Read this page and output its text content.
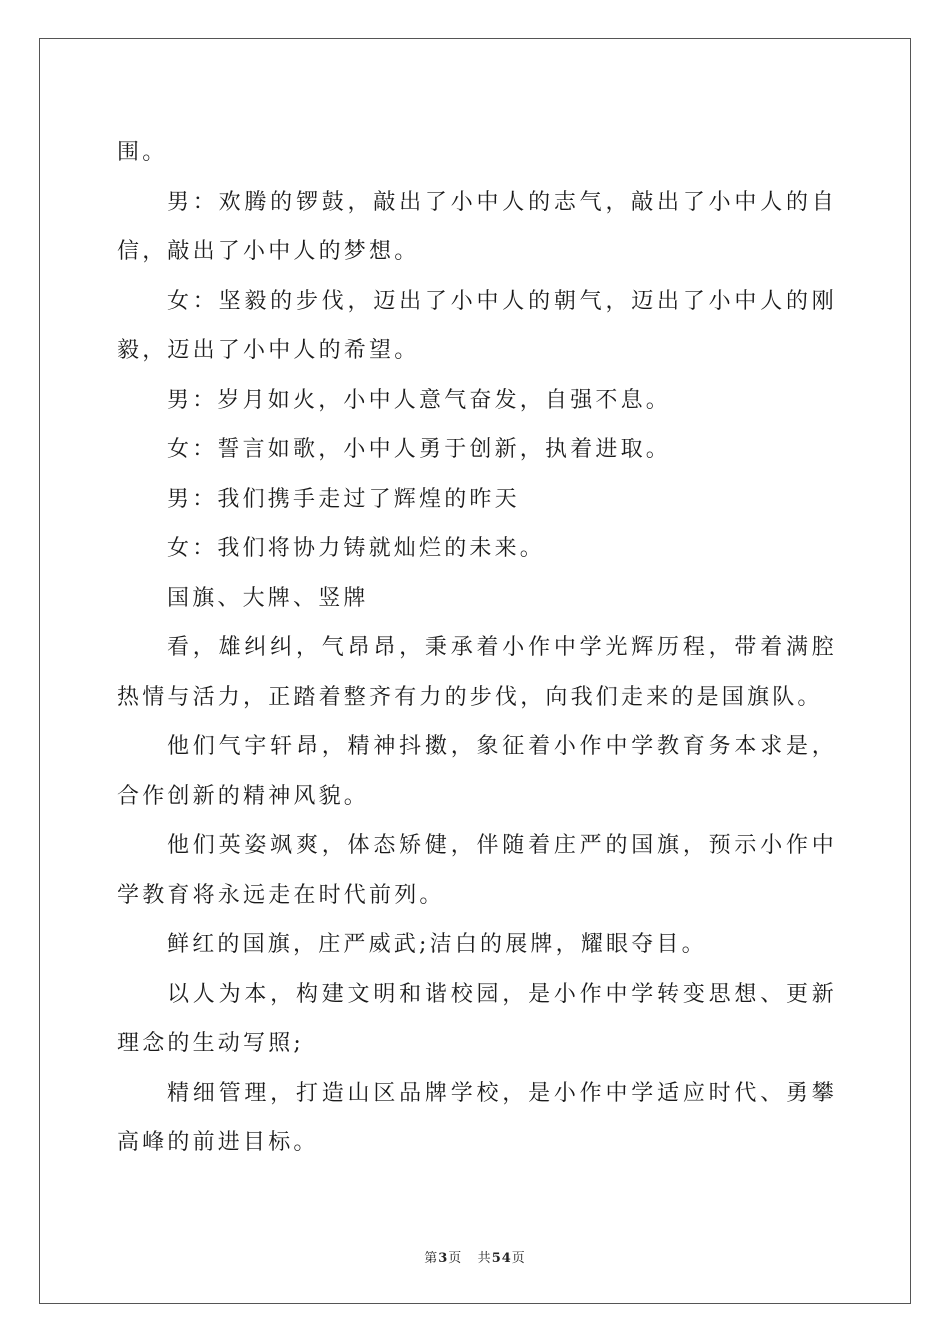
围。

男：欢腾的锣鼓，敲出了小中人的志气，敲出了小中人的自信，敲出了小中人的梦想。

女：坚毅的步伐，迈出了小中人的朝气，迈出了小中人的刚毅，迈出了小中人的希望。

男：岁月如火，小中人意气奋发，自强不息。

女：誓言如歌，小中人勇于创新，执着进取。

男：我们携手走过了辉煌的昨天

女：我们将协力铸就灿烂的未来。

国旗、大牌、竖牌

看，雄纠纠，气昂昂，秉承着小作中学光辉历程，带着满腔热情与活力，正踏着整齐有力的步伐，向我们走来的是国旗队。

他们气宇轩昂，精神抖擞，象征着小作中学教育务本求是，合作创新的精神风貌。

他们英姿飒爽，体态矫健，伴随着庄严的国旗，预示小作中学教育将永远走在时代前列。

鲜红的国旗，庄严威武;洁白的展牌，耀眼夺目。

以人为本，构建文明和谐校园，是小作中学转变思想、更新理念的生动写照;

精细管理，打造山区品牌学校，是小作中学适应时代、勇攀高峰的前进目标。

第3页 共54页
